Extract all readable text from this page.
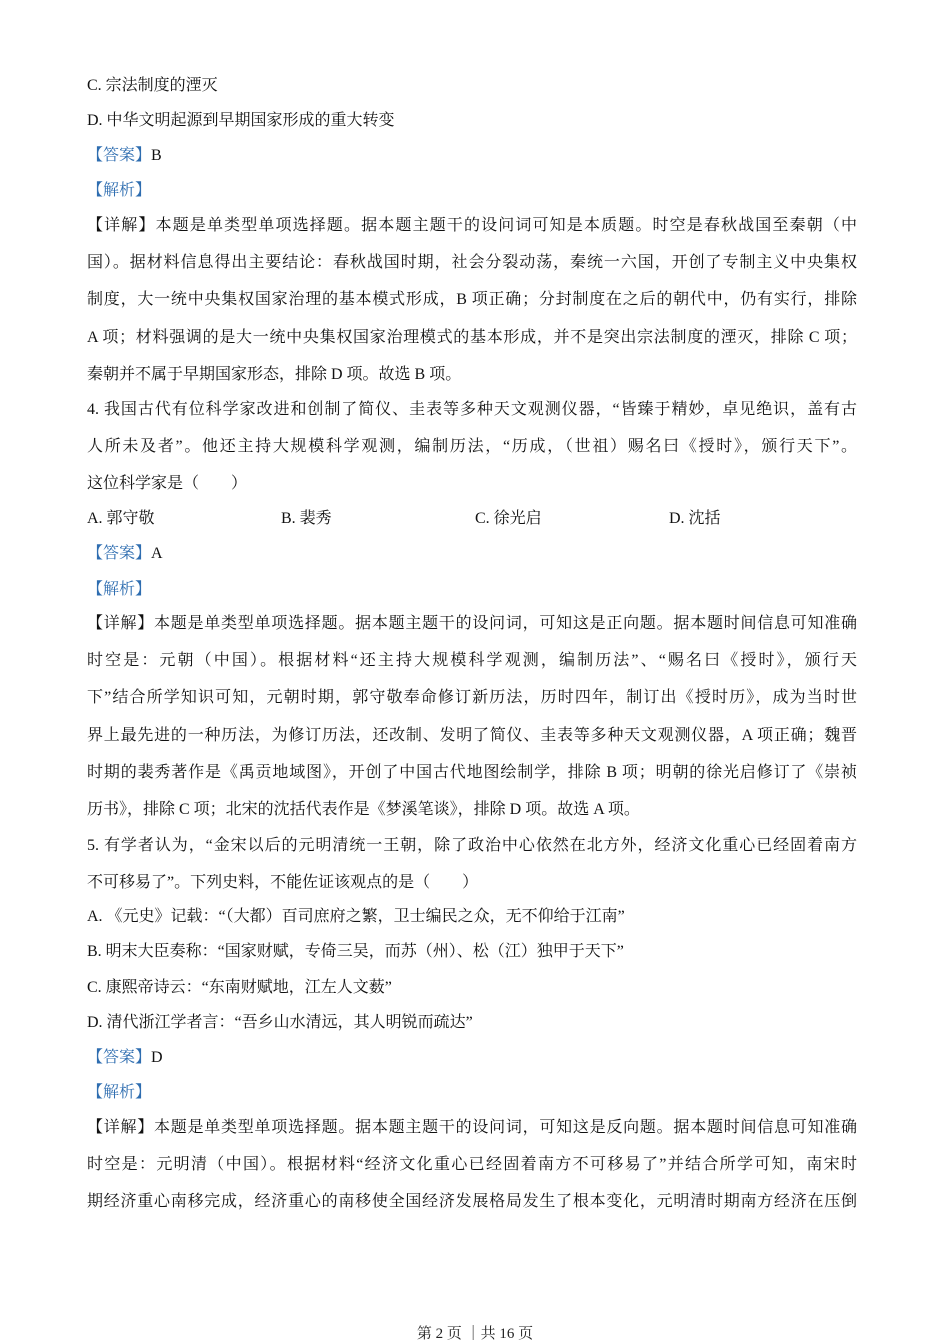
C. 宗法制度的湮灭
D. 中华文明起源到早期国家形成的重大转变
【答案】B
【解析】
【详解】本题是单类型单项选择题。据本题主题干的设问词可知是本质题。时空是春秋战国至秦朝（中
国）。据材料信息得出主要结论：春秋战国时期，社会分裂动荡，秦统一六国，开创了专制主义中央集权
制度，大一统中央集权国家治理的基本模式形成，B 项正确；分封制度在之后的朝代中，仍有实行，排除
A 项；材料强调的是大一统中央集权国家治理模式的基本形成，并不是突出宗法制度的湮灭，排除 C 项；
秦朝并不属于早期国家形态，排除 D 项。故选 B 项。
4. 我国古代有位科学家改进和创制了简仪、圭表等多种天文观测仪器，“皆臻于精妙，卓见绝识，盖有古
人所未及者”。他还主持大规模科学观测，编制历法，“历成，（世祖）赐名曰《授时》，颁行天下”。
这位科学家是（　　）
A. 郭守敬	B. 裴秀	C. 徐光启	D. 沈括
【答案】A
【解析】
【详解】本题是单类型单项选择题。据本题主题干的设问词，可知这是正向题。据本题时间信息可知准确
时空是：元朝（中国）。根据材料“还主持大规模科学观测，编制历法”、“赐名曰《授时》，颁行天
下”结合所学知识可知，元朝时期，郭守敬奉命修订新历法，历时四年，制订出《授时历》，成为当时世
界上最先进的一种历法，为修订历法，还改制、发明了简仪、圭表等多种天文观测仪器，A 项正确；魏晋
时期的裴秀著作是《禹贡地域图》，开创了中国古代地图绘制学，排除 B 项；明朝的徐光启修订了《崇祯
历书》，排除 C 项；北宋的沈括代表作是《梦溪笔谈》，排除 D 项。故选 A 项。
5. 有学者认为，“金宋以后的元明清统一王朝，除了政治中心依然在北方外，经济文化重心已经固着南方
不可移易了”。下列史料，不能佐证该观点的是（　　）
A. 《元史》记载：“（大都）百司庶府之繁，卫士编民之众，无不仰给于江南”
B. 明末大臣奏称：“国家财赋，专倚三吴，而苏（州）、松（江）独甲于天下”
C. 康熙帝诗云：“东南财赋地，江左人文薮”
D. 清代浙江学者言：“吾乡山水清远，其人明锐而疏达”
【答案】D
【解析】
【详解】本题是单类型单项选择题。据本题主题干的设问词，可知这是反向题。据本题时间信息可知准确
时空是：元明清（中国）。根据材料“经济文化重心已经固着南方不可移易了”并结合所学可知，南宋时
期经济重心南移完成，经济重心的南移使全国经济发展格局发生了根本变化，元明清时期南方经济在压倒
第 2 页 ｜共 16 页
